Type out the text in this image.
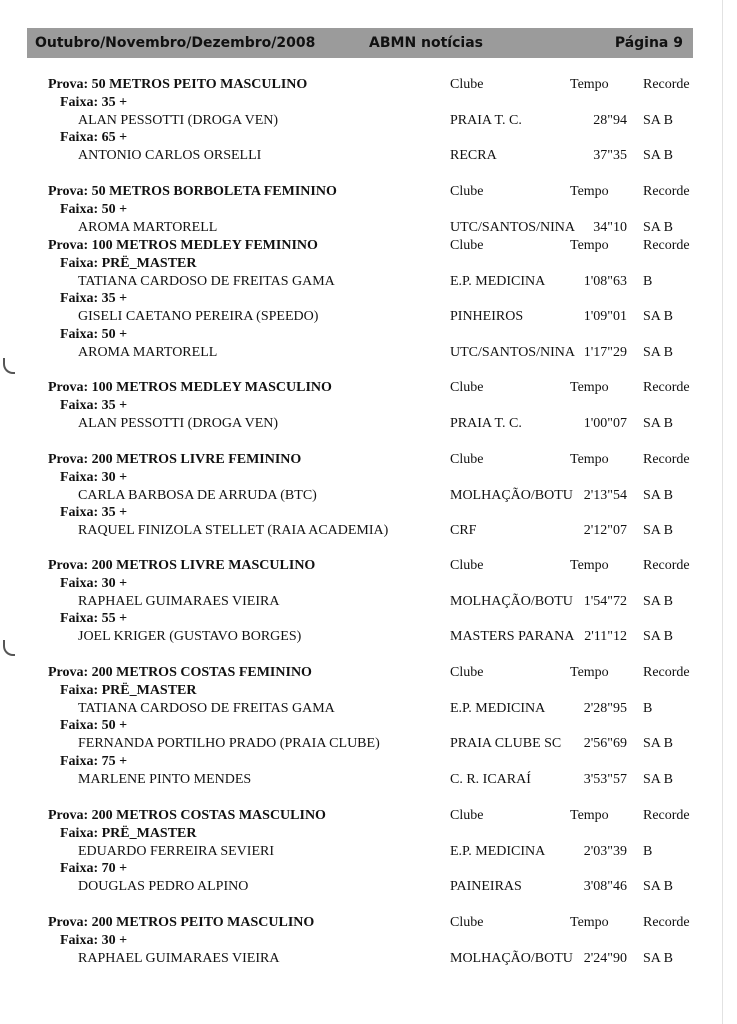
Outubro/Novembro/Dezembro/2008	ABMN notícias	Página 9
Prova: 50 METROS PEITO MASCULINO	Clube	Tempo Recorde
Faixa: 35 +
ALAN PESSOTTI (DROGA VEN)	PRAIA T. C.	28"94 SA B
Faixa: 65 +
ANTONIO CARLOS ORSELLI	RECRA	37"35 SA B
Prova: 50 METROS BORBOLETA FEMININO	Clube	Tempo Recorde
Faixa: 50 +
AROMA MARTORELL	UTC/SANTOS/NINA 34"10 SA B
Prova: 100 METROS MEDLEY FEMININO	Clube	Tempo Recorde
Faixa: PRË_MASTER
TATIANA CARDOSO DE FREITAS GAMA	E.P. MEDICINA	1'08"63 B
Faixa: 35 +
GISELI CAETANO PEREIRA (SPEEDO)	PINHEIROS	1'09"01 SA B
Faixa: 50 +
AROMA MARTORELL	UTC/SANTOS/NINA 1'17"29 SA B
Prova: 100 METROS MEDLEY MASCULINO	Clube	Tempo Recorde
Faixa: 35 +
ALAN PESSOTTI (DROGA VEN)	PRAIA T. C.	1'00"07 SA B
Prova: 200 METROS LIVRE FEMININO	Clube	Tempo Recorde
Faixa: 30 +
CARLA BARBOSA DE ARRUDA (BTC)	MOLHAÇÃO/BOTU 2'13"54 SA B
Faixa: 35 +
RAQUEL FINIZOLA STELLET (RAIA ACADEMIA)	CRF	2'12"07 SA B
Prova: 200 METROS LIVRE MASCULINO	Clube	Tempo Recorde
Faixa: 30 +
RAPHAEL GUIMARAES VIEIRA	MOLHAÇÃO/BOTU 1'54"72 SA B
Faixa: 55 +
JOEL KRIGER (GUSTAVO BORGES)	MASTERS PARANA 2'11"12 SA B
Prova: 200 METROS COSTAS FEMININO	Clube	Tempo Recorde
Faixa: PRË_MASTER
TATIANA CARDOSO DE FREITAS GAMA	E.P. MEDICINA	2'28"95 B
Faixa: 50 +
FERNANDA PORTILHO PRADO (PRAIA CLUBE)	PRAIA CLUBE SC 2'56"69 SA B
Faixa: 75 +
MARLENE PINTO MENDES	C. R. ICARAÍ	3'53"57 SA B
Prova: 200 METROS COSTAS MASCULINO	Clube	Tempo Recorde
Faixa: PRË_MASTER
EDUARDO FERREIRA SEVIERI	E.P. MEDICINA	2'03"39 B
Faixa: 70 +
DOUGLAS PEDRO ALPINO	PAINEIRAS	3'08"46 SA B
Prova: 200 METROS PEITO MASCULINO	Clube	Tempo Recorde
Faixa: 30 +
RAPHAEL GUIMARAES VIEIRA	MOLHAÇÃO/BOTU 2'24"90 SA B
